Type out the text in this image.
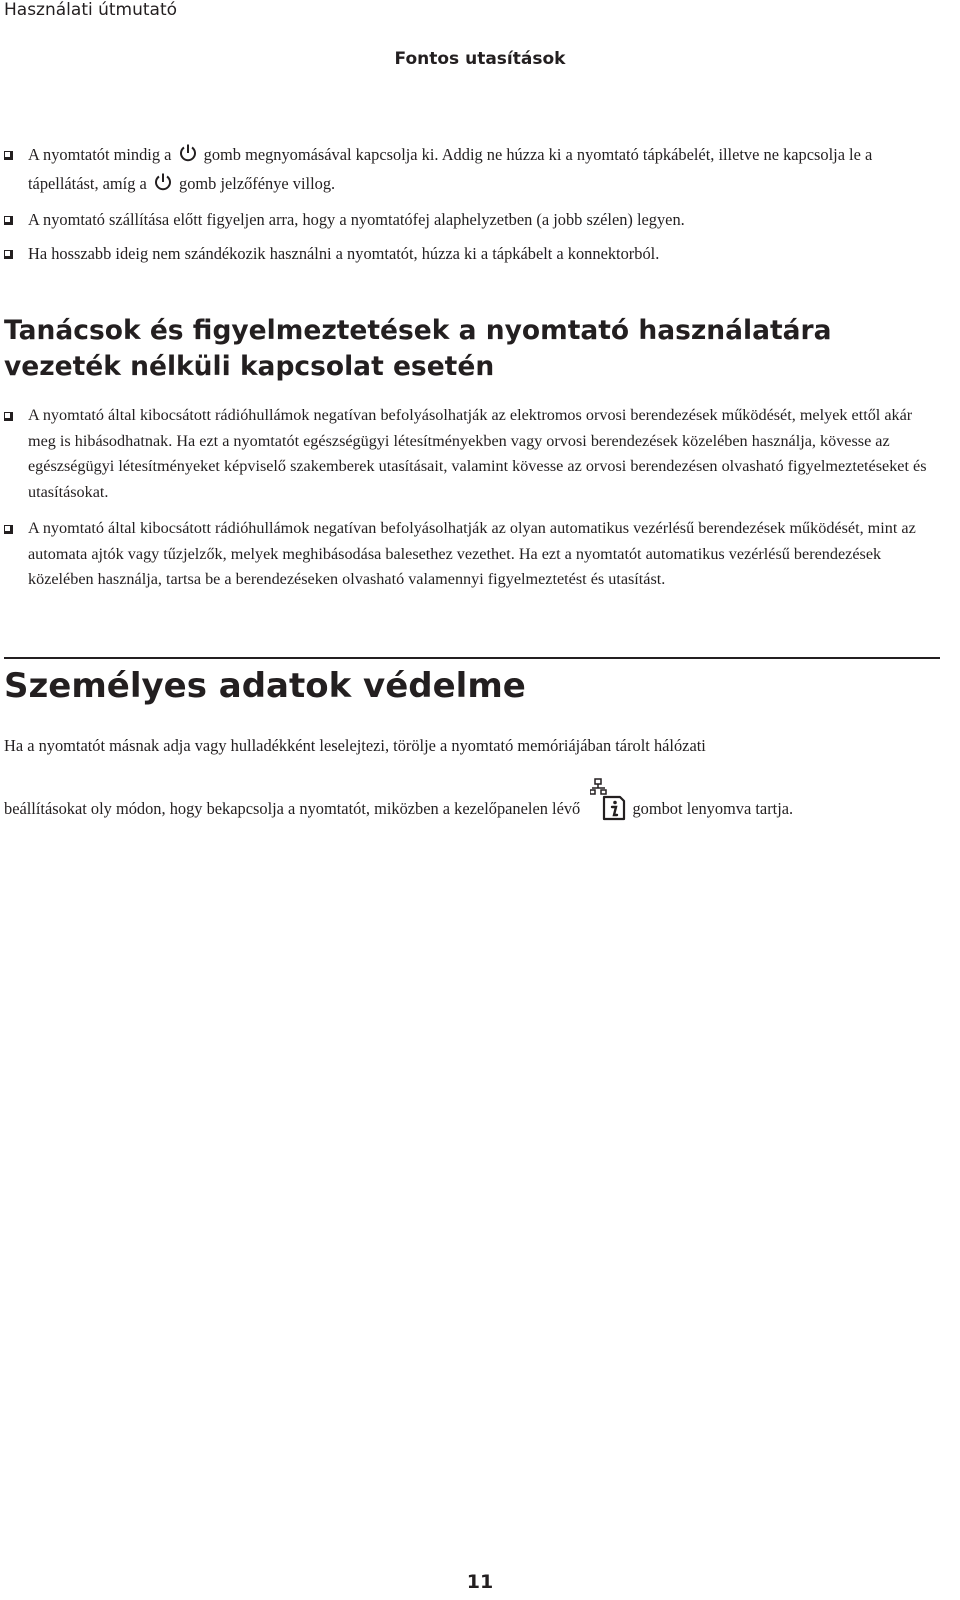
Használati útmutató
Fontos utasítások
A nyomtatót mindig a gomb megnyomásával kapcsolja ki. Addig ne húzza ki a nyomtató tápkábelét, illetve ne kapcsolja le a tápellátást, amíg a gomb jelzőfénye villog.
A nyomtató szállítása előtt figyeljen arra, hogy a nyomtatófej alaphelyzetben (a jobb szélen) legyen.
Ha hosszabb ideig nem szándékozik használni a nyomtatót, húzza ki a tápkábelt a konnektorból.
Tanácsok és figyelmeztetések a nyomtató használatára vezeték nélküli kapcsolat esetén
A nyomtató által kibocsátott rádióhullámok negatívan befolyásolhatják az elektromos orvosi berendezések működését, melyek ettől akár meg is hibásodhatnak. Ha ezt a nyomtatót egészségügyi létesítményekben vagy orvosi berendezések közelében használja, kövesse az egészségügyi létesítményeket képviselő szakemberek utasításait, valamint kövesse az orvosi berendezésen olvasható figyelmeztetéseket és utasításokat.
A nyomtató által kibocsátott rádióhullámok negatívan befolyásolhatják az olyan automatikus vezérlésű berendezések működését, mint az automata ajtók vagy tűzjelzők, melyek meghibásodása balesethez vezethet. Ha ezt a nyomtatót automatikus vezérlésű berendezések közelében használja, tartsa be a berendezéseken olvasható valamennyi figyelmeztetést és utasítást.
Személyes adatok védelme

Ha a nyomtatót másnak adja vagy hulladékként leselejtezi, törölje a nyomtató memóriájában tárolt hálózati
beállításokat oly módon, hogy bekapcsolja a nyomtatót, miközben a kezelőpanelen lévő	gombot lenyomva tartja.

11
